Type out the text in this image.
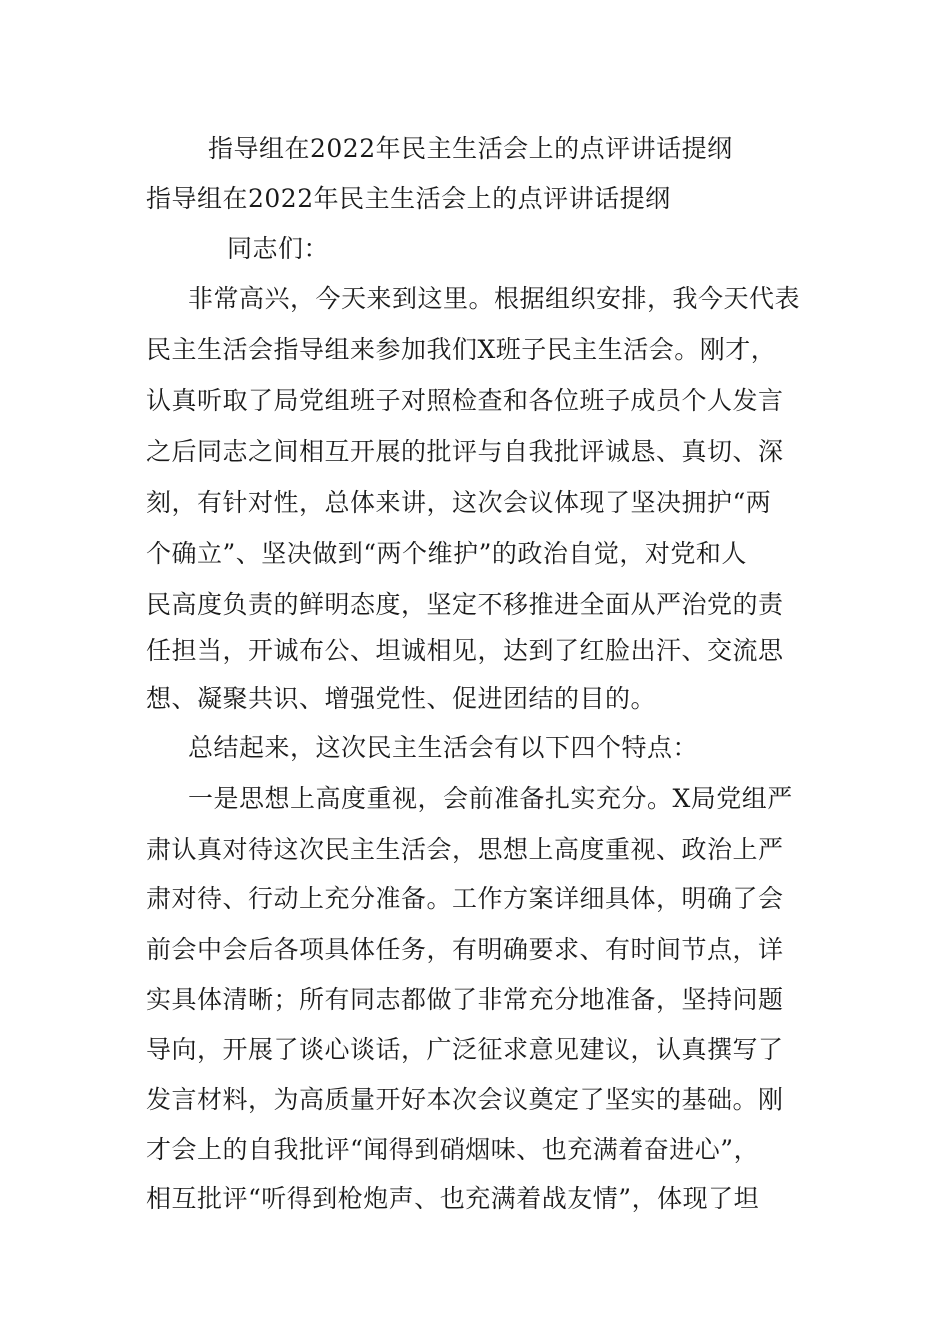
指导组在2022年民主生活会上的点评讲话提纲
指导组在2022年民主生活会上的点评讲话提纲
同志们：
非常高兴，今天来到这里。根据组织安排，我今天代表
民主生活会指导组来参加我们X班子民主生活会。刚才，
认真听取了局党组班子对照检查和各位班子成员个人发言
之后同志之间相互开展的批评与自我批评诚恳、真切、深
刻，有针对性，总体来讲，这次会议体现了坚决拥护“两
个确立”、坚决做到“两个维护”的政治自觉，对党和人
民高度负责的鲜明态度，坚定不移推进全面从严治党的责
任担当，开诚布公、坦诚相见，达到了红脸出汗、交流思
想、凝聚共识、增强党性、促进团结的目的。
总结起来，这次民主生活会有以下四个特点：
一是思想上高度重视，会前准备扎实充分。X局党组严
肃认真对待这次民主生活会，思想上高度重视、政治上严
肃对待、行动上充分准备。工作方案详细具体，明确了会
前会中会后各项具体任务，有明确要求、有时间节点，详
实具体清晰；所有同志都做了非常充分地准备，坚持问题
导向，开展了谈心谈话，广泛征求意见建议，认真撰写了
发言材料，为高质量开好本次会议奠定了坚实的基础。刚
才会上的自我批评“闻得到硝烟味、也充满着奋进心”，
相互批评“听得到枪炮声、也充满着战友情”，体现了坦
